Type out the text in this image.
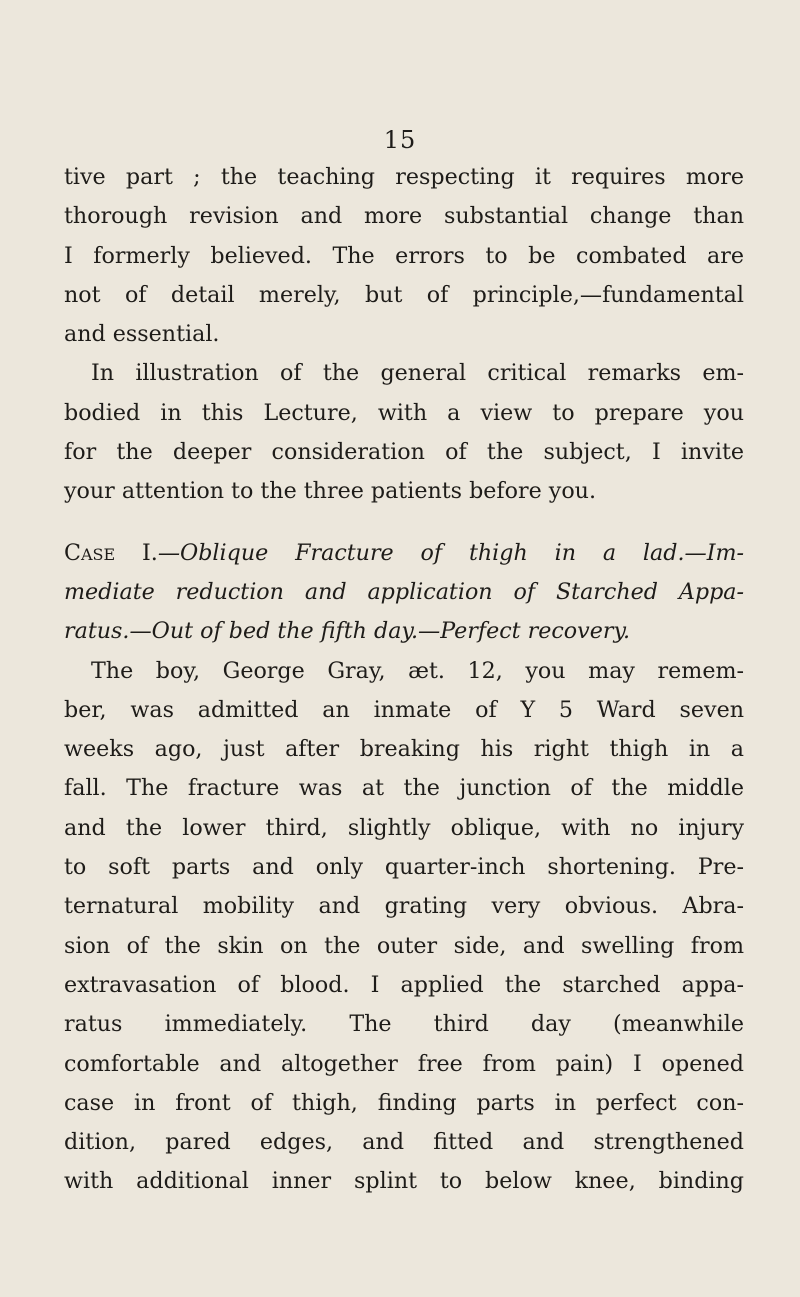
15
tive part ; the teaching respecting it requires more
thorough revision and more substantial change than
I formerly believed. The errors to be combated are
not of detail merely, but of principle,—fundamental
and essential.
In illustration of the general critical remarks em-
bodied in this Lecture, with a view to prepare you
for the deeper consideration of the subject, I invite
your attention to the three patients before you.
Case I.—Oblique Fracture of thigh in a lad.—Im-
mediate reduction and application of Starched Appa-
ratus.—Out of bed the fifth day.—Perfect recovery.
The boy, George Gray, æt. 12, you may remem-
ber, was admitted an inmate of Y 5 Ward seven
weeks ago, just after breaking his right thigh in a
fall. The fracture was at the junction of the middle
and the lower third, slightly oblique, with no injury
to soft parts and only quarter-inch shortening. Pre-
ternatural mobility and grating very obvious. Abra-
sion of the skin on the outer side, and swelling from
extravasation of blood. I applied the starched appa-
ratus immediately. The third day (meanwhile
comfortable and altogether free from pain) I opened
case in front of thigh, finding parts in perfect con-
dition, pared edges, and fitted and strengthened
with additional inner splint to below knee, binding
